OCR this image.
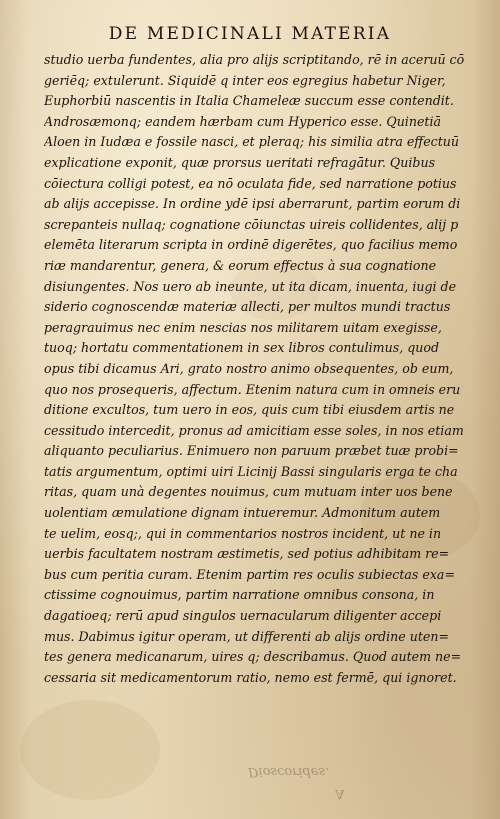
DE MEDICINALI MATERIA
studio uerba fundentes, alia pro alijs scriptitando, rē in aceruū cō
geriēq; extulerunt. Siquidē q inter eos egregius habetur Niger,
Euphorbiū nascentis in Italia Chameleæ succum esse contendit.
Androsæmonq; eandem hærbam cum Hyperico esse. Quinetiā
Aloen in Iudæa e fossile nasci, et pleraq; his similia atra effectuū
explicatione exponit, quæ prorsus ueritati refragātur. Quibus
cōiectura colligi potest, ea nō oculata fide, sed narratione potius
ab alijs accepisse. In ordine ydē ipsi aberrarunt, partim eorum di
screpanteis nullaq; cognatione cōiunctas uireis collidentes, alij p
elemēta literarum scripta in ordinē digerētes, quo facilius memo
riæ mandarentur, genera, & eorum effectus à sua cognatione
disiungentes. Nos uero ab ineunte, ut ita dicam, inuenta, iugi de
siderio cognoscendæ materiæ allecti, per multos mundi tractus
peragrauimus nec enim nescias nos militarem uitam exegisse,
tuoq; hortatu commentationem in sex libros contulimus, quod
opus tibi dicamus Ari, grato nostro animo obsequentes, ob eum,
quo nos prosequeris, affectum. Etenim natura cum in omneis eru
ditione excultos, tum uero in eos, quis cum tibi eiusdem artis ne
cessitudo intercedit, pronus ad amicitiam esse soles, in nos etiam
aliquanto peculiarius. Enimuero non paruum præbet tuæ probi=
tatis argumentum, optimi uiri Licinij Bassi singularis erga te cha
ritas, quam unà degentes nouimus, cum mutuam inter uos bene
uolentiam æmulatione dignam intueremur. Admonitum autem
te uelim, eosq;, qui in commentarios nostros incident, ut ne in
uerbis facultatem nostram æstimetis, sed potius adhibitam re=
bus cum peritia curam. Etenim partim res oculis subiectas exa=
ctissime cognouimus, partim narratione omnibus consona, in
dagatioeq; rerū apud singulos uernacularum diligenter accepi
mus. Dabimus igitur operam, ut differenti ab alijs ordine uten=
tes genera medicanarum, uires q; describamus. Quod autem ne=
cessaria sit medicamentorum ratio, nemo est fermē, qui ignoret.
Dioscorides.
A
